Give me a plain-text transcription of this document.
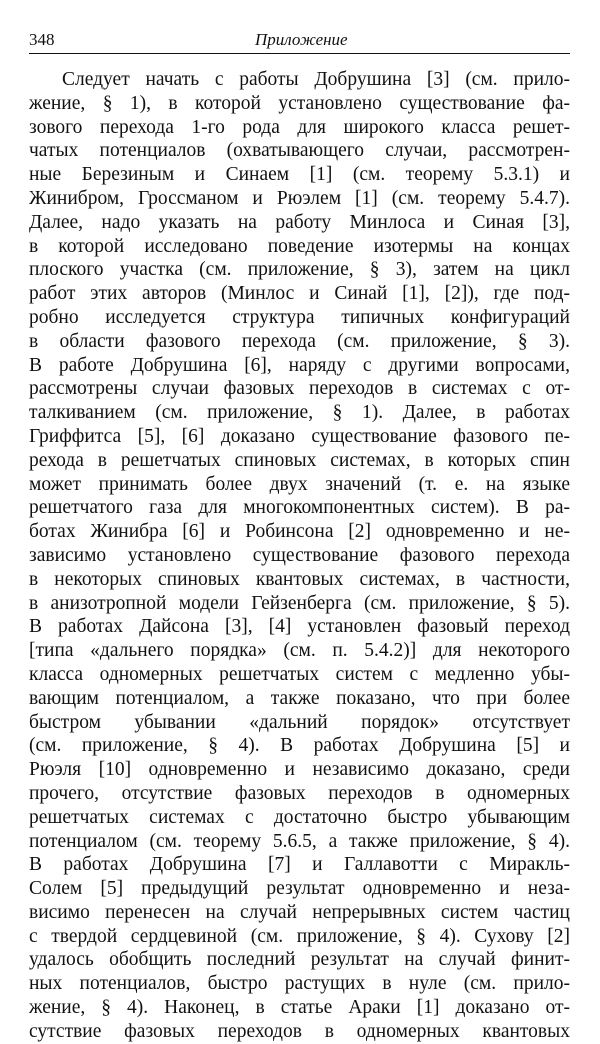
348	Приложение
Следует начать с работы Добрушина [3] (см. прило-
жение, § 1), в которой установлено существование фа-
зового перехода 1-го рода для широкого класса решет-
чатых потенциалов (охватывающего случаи, рассмотрен-
ные Березиным и Синаем [1] (см. теорему 5.3.1) и
Жинибром, Гроссманом и Рюэлем [1] (см. теорему 5.4.7).
Далее, надо указать на работу Минлоса и Синая [3],
в которой исследовано поведение изотермы на концах
плоского участка (см. приложение, § 3), затем на цикл
работ этих авторов (Минлос и Синай [1], [2]), где под-
робно исследуется структура типичных конфигураций
в области фазового перехода (см. приложение, § 3).
В работе Добрушина [6], наряду с другими вопросами,
рассмотрены случаи фазовых переходов в системах с от-
талкиванием (см. приложение, § 1). Далее, в работах
Гриффитса [5], [6] доказано существование фазового пе-
рехода в решетчатых спиновых системах, в которых спин
может принимать более двух значений (т. е. на языке
решетчатого газа для многокомпонентных систем). В ра-
ботах Жинибра [6] и Робинсона [2] одновременно и не-
зависимо установлено существование фазового перехода
в некоторых спиновых квантовых системах, в частности,
в анизотропной модели Гейзенберга (см. приложение, § 5).
В работах Дайсона [3], [4] установлен фазовый переход
[типа «дальнего порядка» (см. п. 5.4.2)] для некоторого
класса одномерных решетчатых систем с медленно убы-
вающим потенциалом, а также показано, что при более
быстром убывании «дальний порядок» отсутствует
(см. приложение, § 4). В работах Добрушина [5] и
Рюэля [10] одновременно и независимо доказано, среди
прочего, отсутствие фазовых переходов в одномерных
решетчатых системах с достаточно быстро убывающим
потенциалом (см. теорему 5.6.5, а также приложение, § 4).
В работах Добрушина [7] и Галлавотти с Миракль-
Солем [5] предыдущий результат одновременно и неза-
висимо перенесен на случай непрерывных систем частиц
с твердой сердцевиной (см. приложение, § 4). Сухову [2]
удалось обобщить последний результат на случай финит-
ных потенциалов, быстро растущих в нуле (см. прило-
жение, § 4). Наконец, в статье Араки [1] доказано от-
сутствие фазовых переходов в одномерных квантовых
